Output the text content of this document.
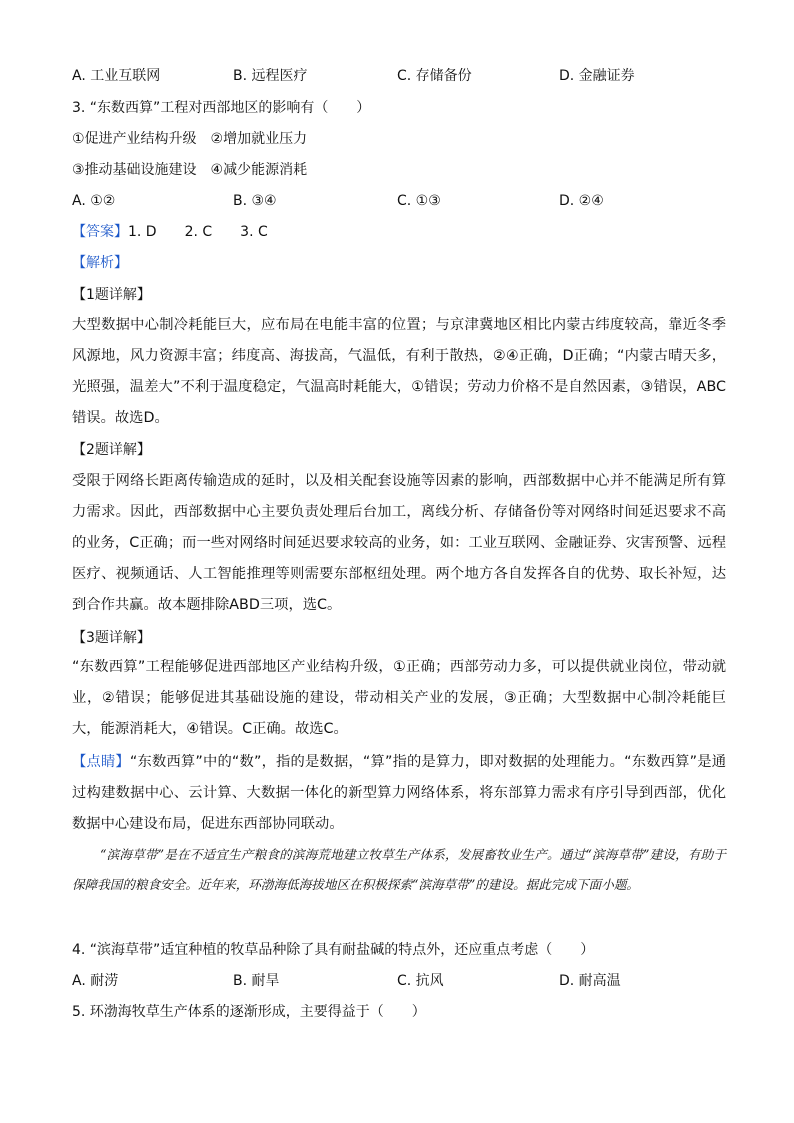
A. 工业互联网	B. 远程医疗	C. 存储备份	D. 金融证券
3. “东数西算”工程对西部地区的影响有（　　）
①促进产业结构升级　②增加就业压力
③推动基础设施建设　④减少能源消耗
A. ①②	B. ③④	C. ①③	D. ②④
【答案】1. D　　2. C　　3. C
【解析】
【1题详解】
大型数据中心制冷耗能巨大，应布局在电能丰富的位置；与京津冀地区相比内蒙古纬度较高，靠近冬季风源地，风力资源丰富；纬度高、海拔高，气温低，有利于散热，②④正确，D正确；“内蒙古晴天多，光照强，温差大”不利于温度稳定，气温高时耗能大，①错误；劳动力价格不是自然因素，③错误，ABC错误。故选D。
【2题详解】
受限于网络长距离传输造成的延时，以及相关配套设施等因素的影响，西部数据中心并不能满足所有算力需求。因此，西部数据中心主要负责处理后台加工，离线分析、存储备份等对网络时间延迟要求不高的业务，C正确；而一些对网络时间延迟要求较高的业务，如：工业互联网、金融证券、灾害预警、远程医疗、视频通话、人工智能推理等则需要东部枢纽处理。两个地方各自发挥各自的优势、取长补短，达到合作共赢。故本题排除ABD三项，选C。
【3题详解】
“东数西算”工程能够促进西部地区产业结构升级，①正确；西部劳动力多，可以提供就业岗位，带动就业，②错误；能够促进其基础设施的建设，带动相关产业的发展，③正确；大型数据中心制冷耗能巨大，能源消耗大，④错误。C正确。故选C。
【点睛】“东数西算”中的“数”，指的是数据，“算”指的是算力，即对数据的处理能力。“东数西算”是通过构建数据中心、云计算、大数据一体化的新型算力网络体系，将东部算力需求有序引导到西部，优化数据中心建设布局，促进东西部协同联动。
“滨海草带”是在不适宜生产粮食的滨海荒地建立牧草生产体系，发展畜牧业生产。通过“滨海草带”建设，有助于保障我国的粮食安全。近年来，环渤海低海拔地区在积极探索“滨海草带”的建设。据此完成下面小题。
4. “滨海草带”适宜种植的牧草品种除了具有耐盐碱的特点外，还应重点考虑（　　）
A. 耐涝	B. 耐旱	C. 抗风	D. 耐高温
5. 环渤海牧草生产体系的逐渐形成，主要得益于（　　）
